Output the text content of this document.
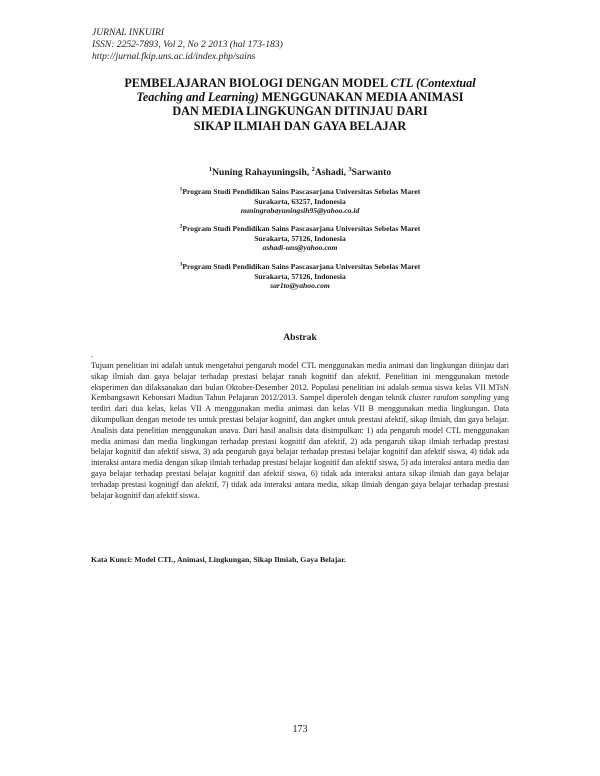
JURNAL INKUIRI
ISSN: 2252-7893, Vol 2, No 2 2013 (hal 173-183)
http://jurnal.fkip.uns.ac.id/index.php/sains
PEMBELAJARAN BIOLOGI DENGAN MODEL CTL (Contextual
Teaching and Learning) MENGGUNAKAN MEDIA ANIMASI
DAN MEDIA LINGKUNGAN DITINJAU DARI
SIKAP ILMIAH DAN GAYA BELAJAR
$^1$Nuning Rahayuningsih, $^2$Ashadi, $^3$Sarwanto
$^1$Program Studi Pendidikan Sains Pascasarjana Universitas Sebelas Maret
Surakarta, 63257, Indonesia
nuningrahayuningsih95@yahoo.co.id
$^2$Program Studi Pendidikan Sains Pascasarjana Universitas Sebelas Maret
Surakarta, 57126, Indonesia
ashadi-uns@yahoo.com
$^3$Program Studi Pendidikan Sains Pascasarjana Universitas Sebelas Maret
Surakarta, 57126, Indonesia
sar1to@yahoo.com
Abstrak
.
Tujuan penelitian ini adalah untuk mengetahui pengaruh model CTL menggunakan media animasi dan lingkungan ditinjau dari sikap ilmiah dan gaya belajar terhadap prestasi belajar ranah kognitif dan afektif. Penelitian ini menggunakan metode eksperimen dan dilaksanakan dari bulan Oktober-Desember 2012. Populasi penelitian ini adalah semua siswa kelas VII MTsN Kembangsawit Kebonsari Madiun Tahun Pelajaran 2012/2013. Sampel diperoleh dengan teknik cluster random sampling yang terdiri dari dua kelas, kelas VII A menggunakan media animasi dan kelas VII B menggunakan media lingkungan. Data dikumpulkan dengan metode tes untuk prestasi belajar kognitif, dan angket untuk prestasi afektif, sikap ilmiah, dan gaya belajar. Analisis data penelitian menggunakan anava. Dari hasil analisis data disimpulkan: 1) ada pengaruh model CTL menggunakan media animasi dan media lingkungan terhadap prestasi kognitif dan afektif, 2) ada pengaruh sikap ilmiah terhadap prestasi belajar kognitif dan afektif siswa, 3) ada pengaruh gaya belajar terhadap prestasi belajar kognitif dan afektif siswa, 4) tidak ada interaksi antara media dengan sikap ilmiah terhadap prestasi belajar kognitif dan afektif siswa, 5) ada interaksi antara media dan gaya belajar terhadap prestasi belajar kognitif dan afektif siswa, 6) tidak ada interaksi antara sikap ilmiah dan gaya belajar terhadap prestasi kognitigf dan afektif, 7) tidak ada interaksi antara media, sikap ilmiah dengan gaya belajar terhadap prestasi belajar kognitif dan afektif siswa.
Kata Kunci: Model CTL, Animasi, Lingkungan, Sikap Ilmiah, Gaya Belajar.
173
